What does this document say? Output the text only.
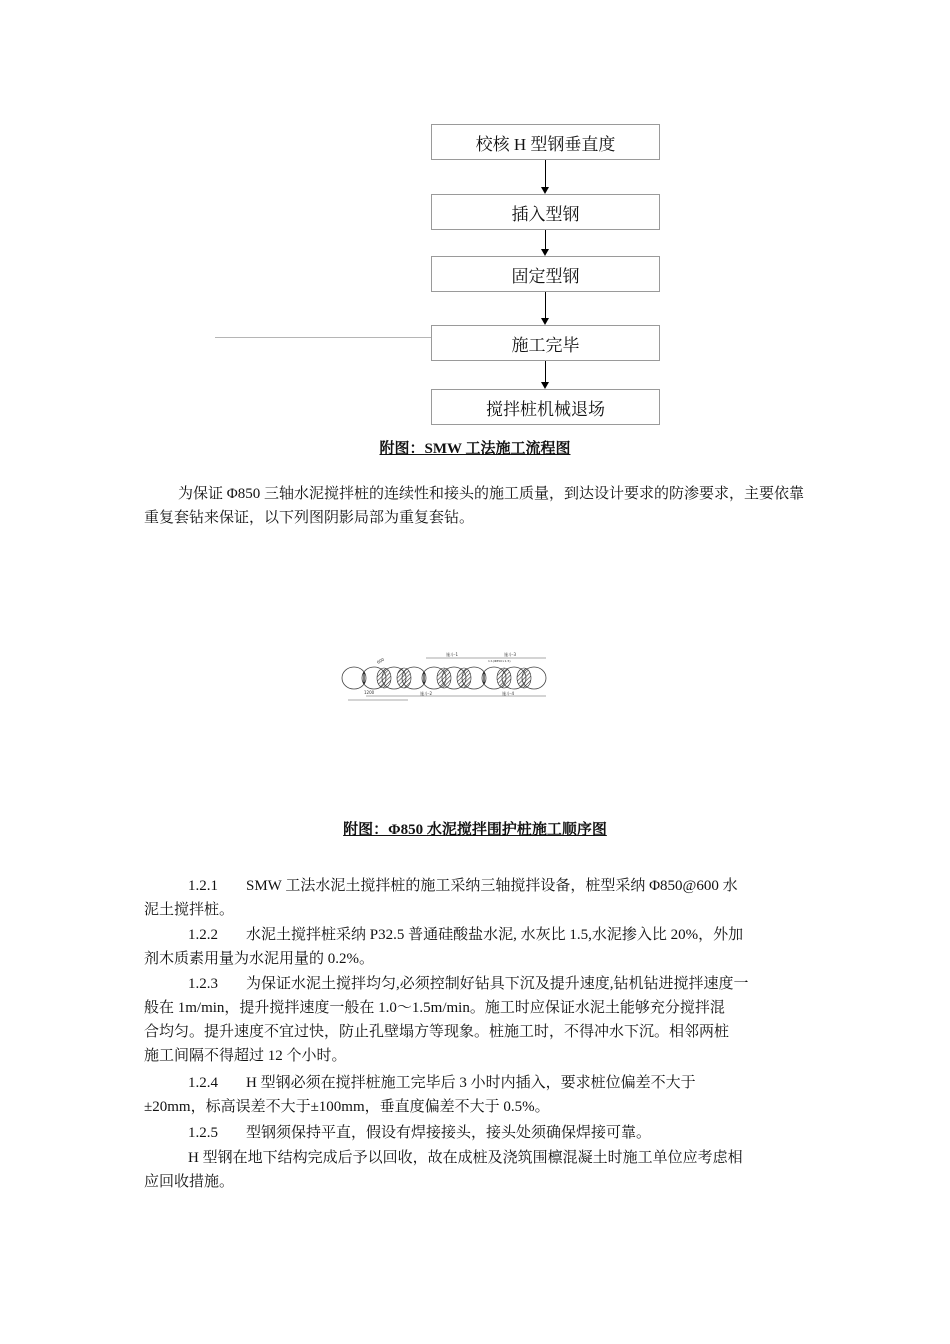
校核 H 型钢垂直度
插入型钢
固定型钢
施工完毕
搅拌桩机械退场
附图：SMW 工法施工流程图
为保证 Φ850 三轴水泥搅拌桩的连续性和接头的施工质量，到达设计要求的防渗要求，主要依靠重复套钻来保证，以下列图阴影局部为重复套钻。
施斗-1	施斗-3
600	1:1(Φ850×1.5)
1200	施斗-2	施斗-4
附图：Φ850 水泥搅拌围护桩施工顺序图
1.2.1 SMW 工法水泥土搅拌桩的施工采纳三轴搅拌设备，桩型采纳 Φ850@600 水
泥土搅拌桩。
1.2.2 水泥土搅拌桩采纳 P32.5 普通硅酸盐水泥, 水灰比 1.5,水泥掺入比 20%，外加
剂木质素用量为水泥用量的 0.2%。
1.2.3 为保证水泥土搅拌均匀,必须控制好钻具下沉及提升速度,钻机钻进搅拌速度一
般在 1m/min，提升搅拌速度一般在 1.0～1.5m/min。施工时应保证水泥土能够充分搅拌混
合均匀。提升速度不宜过快，防止孔壁塌方等现象。桩施工时，不得冲水下沉。相邻两桩
施工间隔不得超过 12 个小时。
1.2.4 H 型钢必须在搅拌桩施工完毕后 3 小时内插入，要求桩位偏差不大于
±20mm，标高误差不大于±100mm，垂直度偏差不大于 0.5%。
1.2.5 型钢须保持平直，假设有焊接接头，接头处须确保焊接可靠。
H 型钢在地下结构完成后予以回收，故在成桩及浇筑围檩混凝土时施工单位应考虑相
应回收措施。
